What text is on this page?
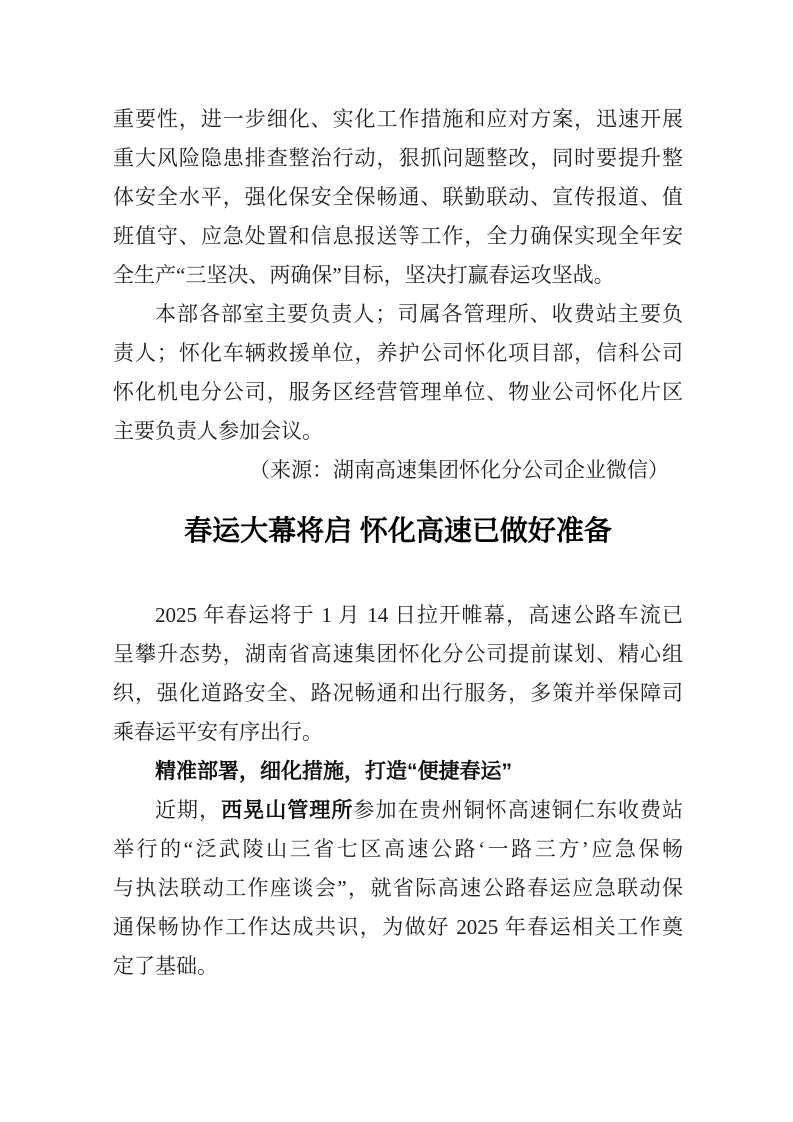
重要性，进一步细化、实化工作措施和应对方案，迅速开展

重大风险隐患排查整治行动，狠抓问题整改，同时要提升整

体安全水平，强化保安全保畅通、联勤联动、宣传报道、值

班值守、应急处置和信息报送等工作，全力确保实现全年安

全生产“三坚决、两确保”目标，坚决打赢春运攻坚战。

本部各部室主要负责人；司属各管理所、收费站主要负

责人；怀化车辆救援单位，养护公司怀化项目部，信科公司

怀化机电分公司，服务区经营管理单位、物业公司怀化片区

主要负责人参加会议。

（来源：湖南高速集团怀化分公司企业微信）

春运大幕将启 怀化高速已做好准备

2025 年春运将于 1 月 14 日拉开帷幕，高速公路车流已

呈攀升态势，湖南省高速集团怀化分公司提前谋划、精心组

织，强化道路安全、路况畅通和出行服务，多策并举保障司

乘春运平安有序出行。

精准部署，细化措施，打造“便捷春运”

近期，西晃山管理所参加在贵州铜怀高速铜仁东收费站

举行的“泛武陵山三省七区高速公路‘一路三方’应急保畅

与执法联动工作座谈会”，就省际高速公路春运应急联动保

通保畅协作工作达成共识，为做好 2025 年春运相关工作奠

定了基础。
